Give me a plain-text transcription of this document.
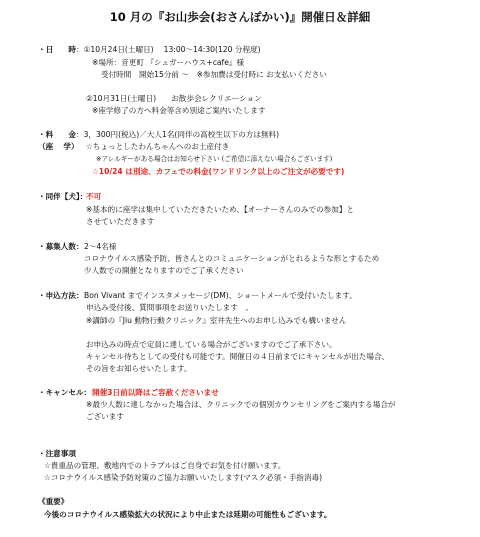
10 月の『お山歩会(おさんぽかい)』開催日＆詳細
・日　　時 ：①10月24日(土曜日)　 13:00～14:30(120 分程度)
※場所：音更町 『シュガーハウス+cafe』様
受付時間　開始15分前 ～　※参加費は受付時に お支払いください
②10月31日(土曜日)　　お散歩会レクリエーション
※座学修了の方へ料金等含め別途ご案内いたします
・料　　金 ：3，300円(税込)／大人1名(同伴の高校生以下の方は無料)
（座　 学） ☆ちょっとしたわんちゃんへのお土産付き
※アレルギーがある場合はお知らせ下さい (ご希望に添えない場合もございます)
☆10/24 は別途、カフェでの料金(ワンドリンク以上のご注文が必要です)
・同伴【犬】：
不可
※基本的に座学は集中していただきたいため、【オーナーさんのみでの参加】と
させていただきます
・募集人数： 2～4名様
コロナウイルス感染予防、皆さんとのコミュニケーションがとれるような形とするため
少人数での開催となりますのでご了承ください
・申込方法： Bon Vivant までインスタメッセージ(DM)、ショートメールで受付いたします。
申込み受付後、質問事項をお送りいたします　。
※講師の『Jiu 動物行動クリニック』室井先生へのお申し込みでも構いません
お申込みの時点で定員に達している場合がございますのでご了承下さい。
キャンセル待ちとしての受付も可能です。開催日の４日前までにキャンセルが出た場合、
その旨をお知らせいたします。
・キャンセル： 開催3日前以降はご容赦くださいませ
※最少人数に達しなかった場合は、クリニックでの個別カウンセリングをご案内する場合が
ございます
・注意事項
☆貴重品の管理、敷地内でのトラブルはご自身でお気を付け願います。
☆コロナウイルス感染予防対策のご協力お願いいたします(マスク必須・手指消毒)
《重要》
今後のコロナウイルス感染拡大の状況により中止または延期の可能性もございます。
